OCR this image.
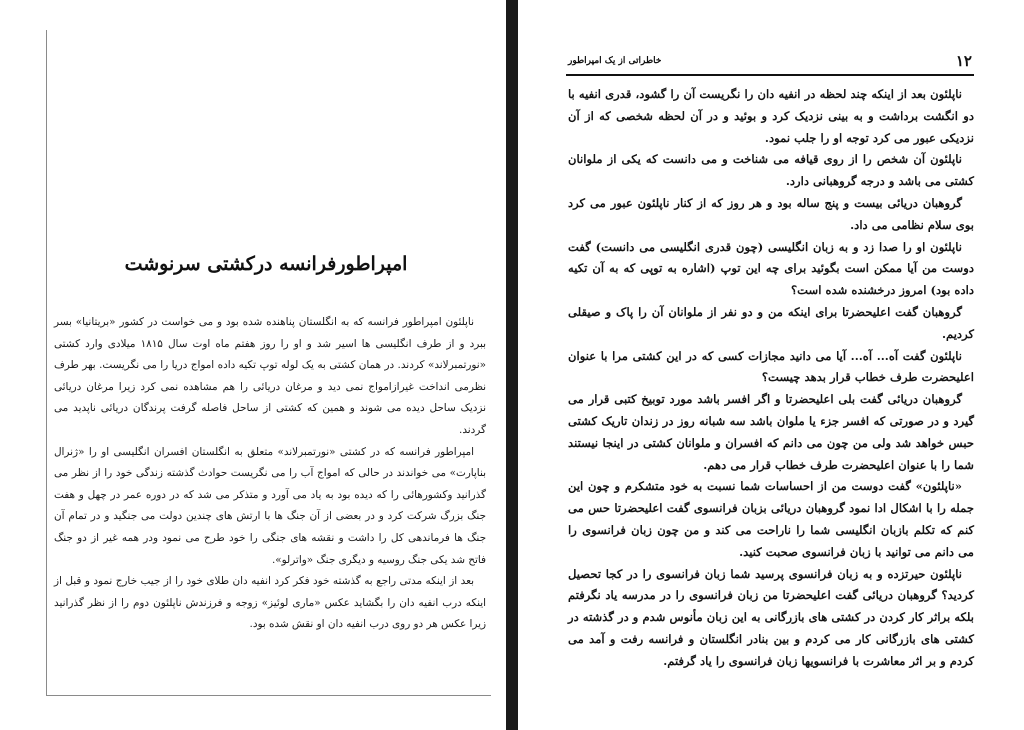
امپراطورفرانسه درکشتی سرنوشت

ناپلئون امپراطور فرانسه که به انگلستان پناهنده شده بود و می خواست در کشور «بریتانیا» بسر ببرد و از طرف انگلیسی ها اسیر شد و او را روز هفتم ماه اوت سال ۱۸۱۵ میلادی وارد کشتی «نورتمبرلاند» کردند. در همان کشتی به یک لوله توپ تکیه داده امواج دریا را می نگریست. بهر طرف نظرمی انداخت غیرازامواج نمی دید و مرغان دریائی را هم مشاهده نمی کرد زیرا مرغان دریائی نزدیک ساحل دیده می شوند و همین که کشتی از ساحل فاصله گرفت پرندگان دریائی ناپدید می گردند.

امپراطور فرانسه که در کشتی «نورتمبرلاند» متعلق به انگلستان افسران انگلیسی او را «ژنرال بناپارت» می خواندند در حالی که امواج آب را می نگریست حوادث گذشته زندگی خود را از نظر می گذرانید وکشورهائی را که دیده بود به یاد می آورد و متذکر می شد که در دوره عمر در چهل و هفت جنگ بزرگ شرکت کرد و در بعضی از آن جنگ ها با ارتش های چندین دولت می جنگید و در تمام آن جنگ ها فرماندهی کل را داشت و نقشه های جنگی را خود طرح می نمود ودر همه غیر از دو جنگ فاتح شد یکی جنگ روسیه و دیگری جنگ «واترلو».

بعد از اینکه مدتی راجع به گذشته خود فکر کرد انفیه دان طلای خود را از جیب خارج نمود و قبل از اینکه درب انفیه دان را بگشاید عکس «ماری لوئیز» زوجه و فرزندش ناپلئون دوم را از نظر گذرانید زیرا عکس هر دو روی درب انفیه دان او نقش شده بود.

۱۲
خاطراتی از یک امپراطور

ناپلئون بعد از اینکه چند لحظه در انفیه دان را نگریست آن را گشود، قدری انفیه با دو انگشت برداشت و به بینی نزدیک کرد و بوئید و در آن لحظه شخصی که از آن نزدیکی عبور می کرد توجه او را جلب نمود.

ناپلئون آن شخص را از روی قیافه می شناخت و می دانست که یکی از ملوانان کشتی می باشد و درجه گروهبانی دارد.

گروهبان دریائی بیست و پنج ساله بود و هر روز که از کنار ناپلئون عبور می کرد بوی سلام نظامی می داد.

ناپلئون او را صدا زد و به زبان انگلیسی (چون قدری انگلیسی می دانست) گفت دوست من آیا ممکن است بگوئید برای چه این توپ (اشاره به توپی که به آن تکیه داده بود) امروز درخشنده شده است؟

گروهبان گفت اعلیحضرتا برای اینکه من و دو نفر از ملوانان آن را پاک و صیقلی کردیم.

ناپلئون گفت آه... آه... آیا می دانید مجازات کسی که در این کشتی مرا با عنوان اعلیحضرت طرف خطاب قرار بدهد چیست؟

گروهبان دریائی گفت بلی اعلیحضرتا و اگر افسر باشد مورد توبیخ کتبی قرار می گیرد و در صورتی که افسر جزء یا ملوان باشد سه شبانه روز در زندان تاریک کشتی حبس خواهد شد ولی من چون می دانم که افسران و ملوانان کشتی در اینجا نیستند شما را با عنوان اعلیحضرت طرف خطاب قرار می دهم.

«ناپلئون» گفت دوست من از احساسات شما نسبت به خود متشکرم و چون این جمله را با اشکال ادا نمود گروهبان دریائی بزبان فرانسوی گفت اعلیحضرتا حس می کنم که تکلم بازبان انگلیسی شما را ناراحت می کند و من چون زبان فرانسوی را می دانم می توانید با زبان فرانسوی صحبت کنید.

ناپلئون حیرتزده و به زبان فرانسوی پرسید شما زبان فرانسوی را در کجا تحصیل کردید؟ گروهبان دریائی گفت اعلیحضرتا من زبان فرانسوی را در مدرسه یاد نگرفتم بلکه براثر کار کردن در کشتی های بازرگانی به این زبان مأنوس شدم و در گذشته در کشتی های بازرگانی کار می کردم و بین بنادر انگلستان و فرانسه رفت و آمد می کردم و بر اثر معاشرت با فرانسویها زبان فرانسوی را یاد گرفتم.
